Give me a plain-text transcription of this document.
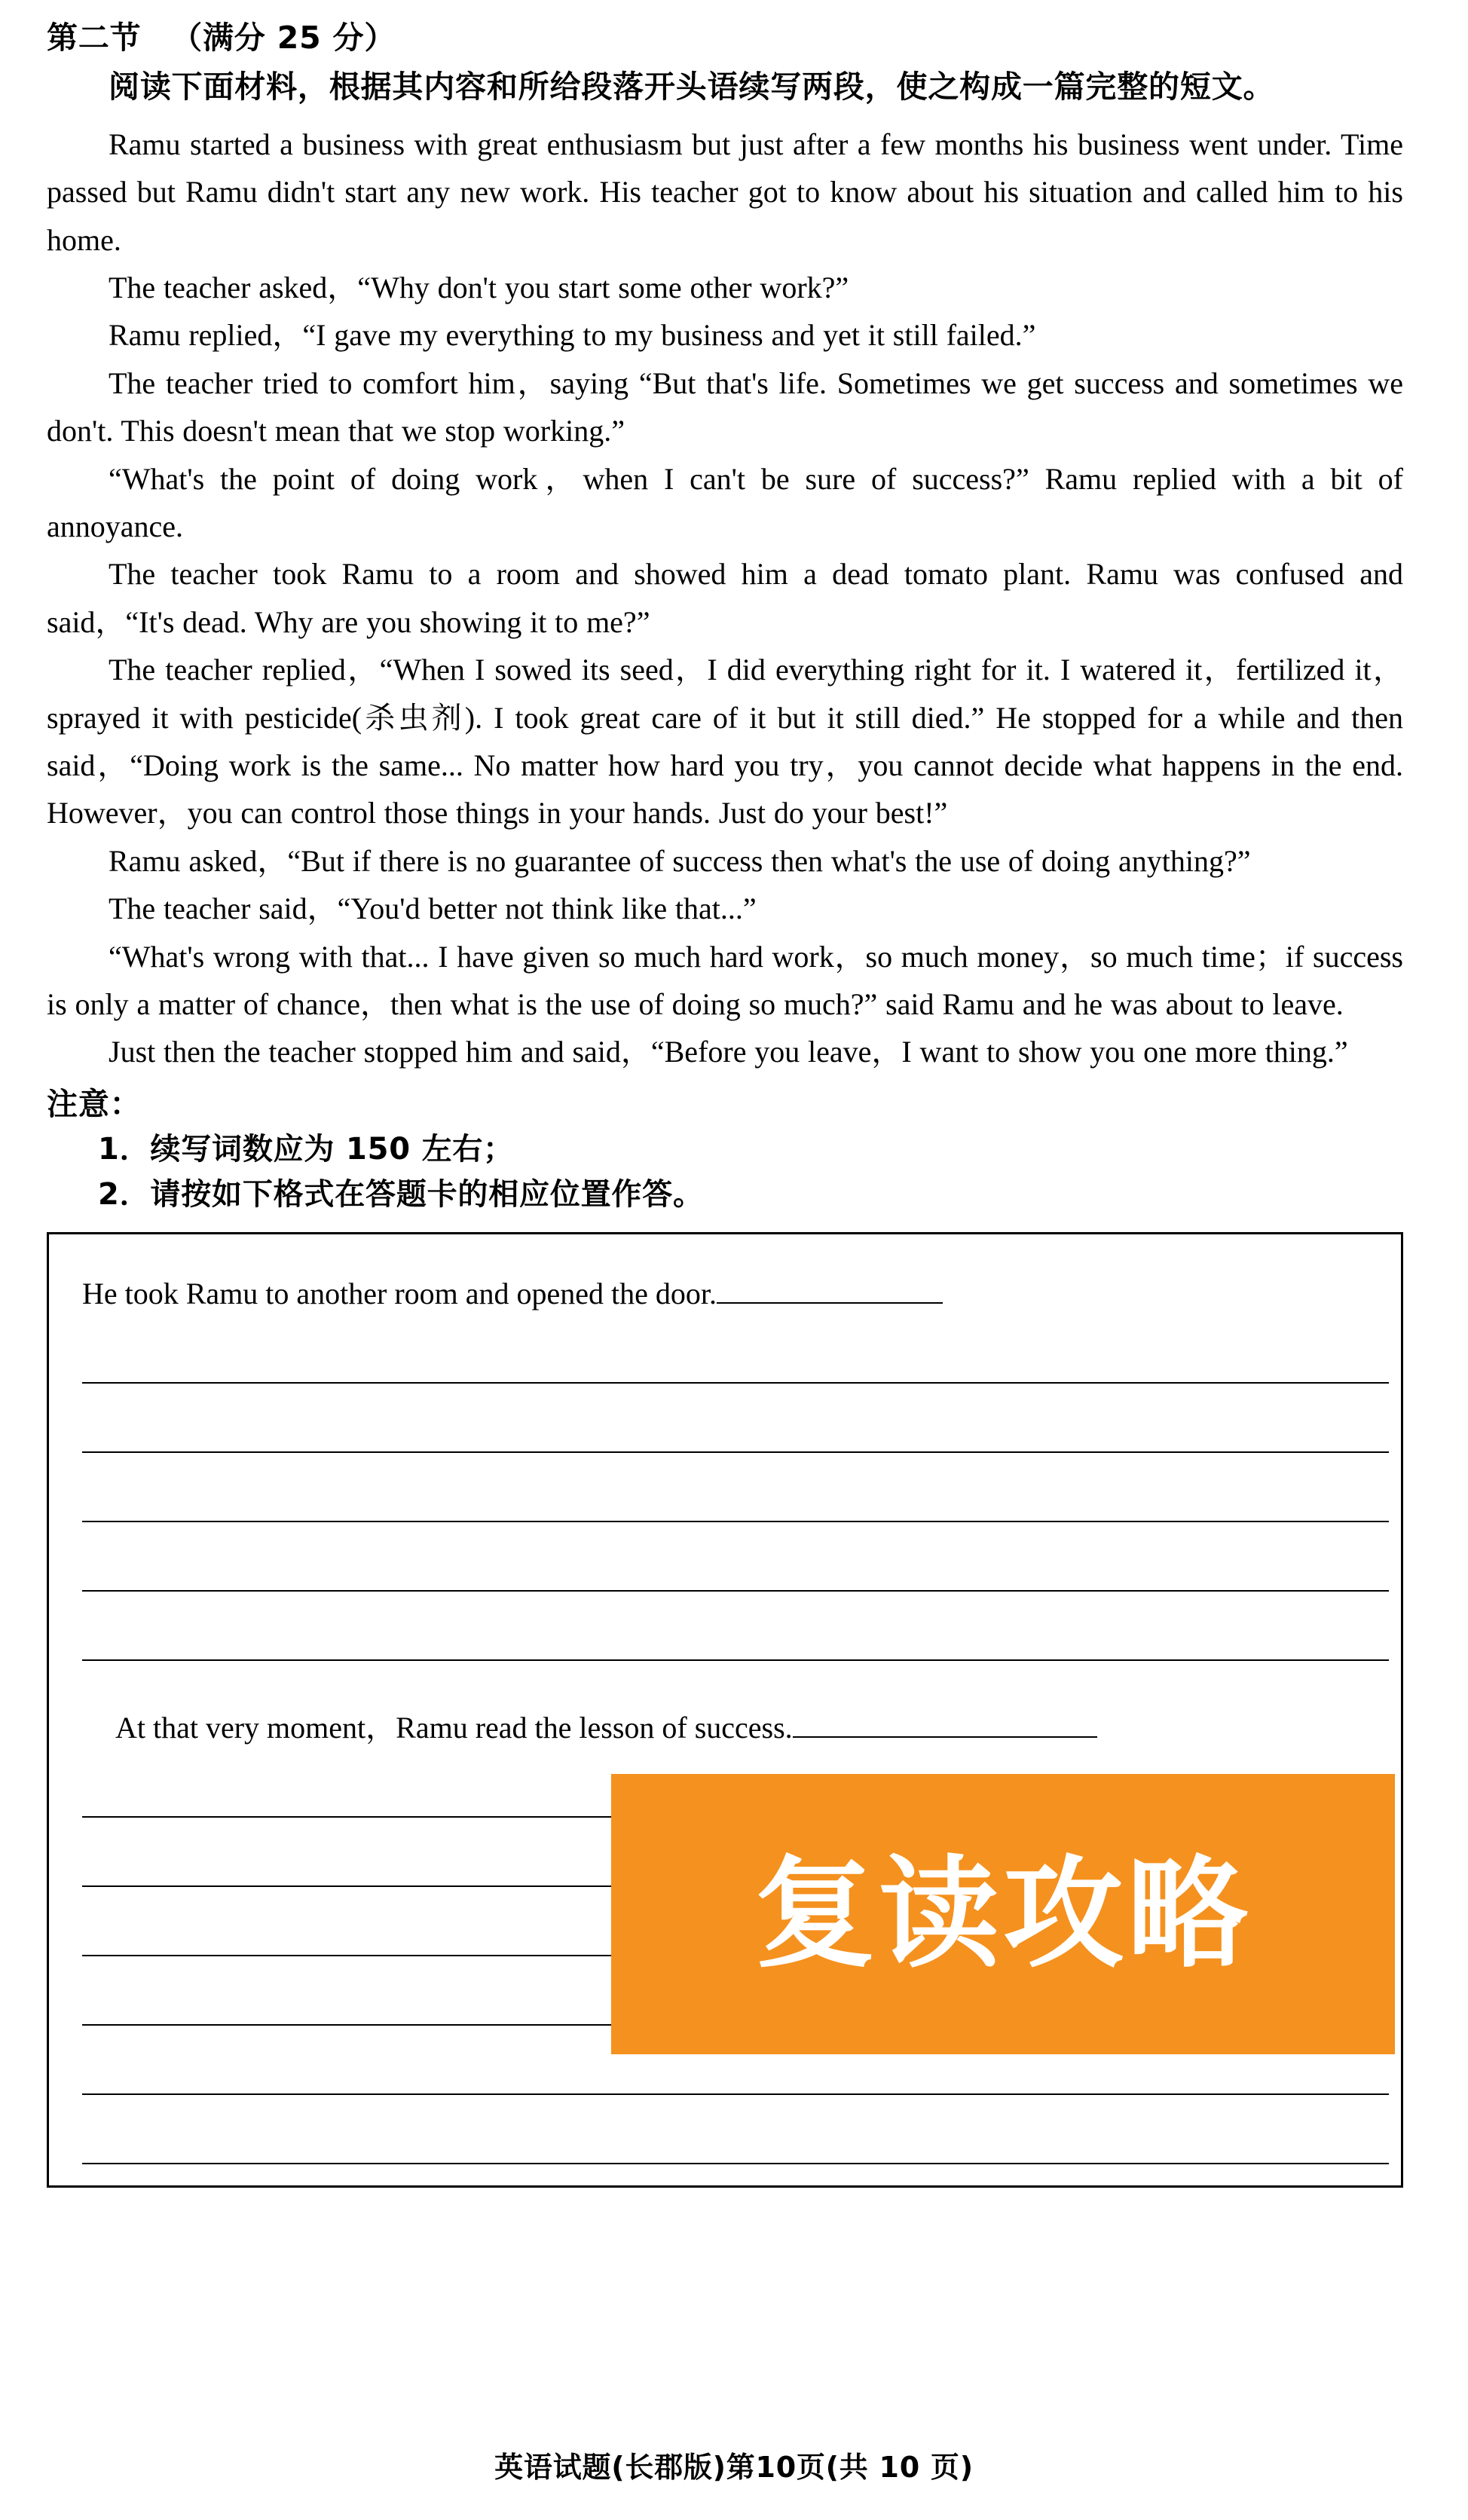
第二节 （满分 25 分）
阅读下面材料，根据其内容和所给段落开头语续写两段，使之构成一篇完整的短文。

Ramu started a business with great enthusiasm but just after a few months his business went under. Time passed but Ramu didn't start any new work. His teacher got to know about his situation and called him to his home.

The teacher asked，“Why don't you start some other work?”

Ramu replied，“I gave my everything to my business and yet it still failed.”

The teacher tried to comfort him，saying “But that's life. Sometimes we get success and sometimes we don't. This doesn't mean that we stop working.”

“What's the point of doing work，when I can't be sure of success?” Ramu replied with a bit of annoyance.

The teacher took Ramu to a room and showed him a dead tomato plant. Ramu was confused and said，“It's dead. Why are you showing it to me?”

The teacher replied，“When I sowed its seed，I did everything right for it. I watered it，fertilized it，sprayed it with pesticide(杀虫剂). I took great care of it but it still died.” He stopped for a while and then said，“Doing work is the same... No matter how hard you try，you cannot decide what happens in the end. However，you can control those things in your hands. Just do your best!”

Ramu asked，“But if there is no guarantee of success then what's the use of doing anything?”

The teacher said，“You'd better not think like that...”

“What's wrong with that... I have given so much hard work，so much money，so much time；if success is only a matter of chance，then what is the use of doing so much?” said Ramu and he was about to leave.

Just then the teacher stopped him and said，“Before you leave，I want to show you one more thing.”

注意：
1．续写词数应为 150 左右；
2．请按如下格式在答题卡的相应位置作答。
He took Ramu to another room and opened the door.
At that very moment，Ramu read the lesson of success.
复读攻略
英语试题(长郡版)第10页(共 10 页)
